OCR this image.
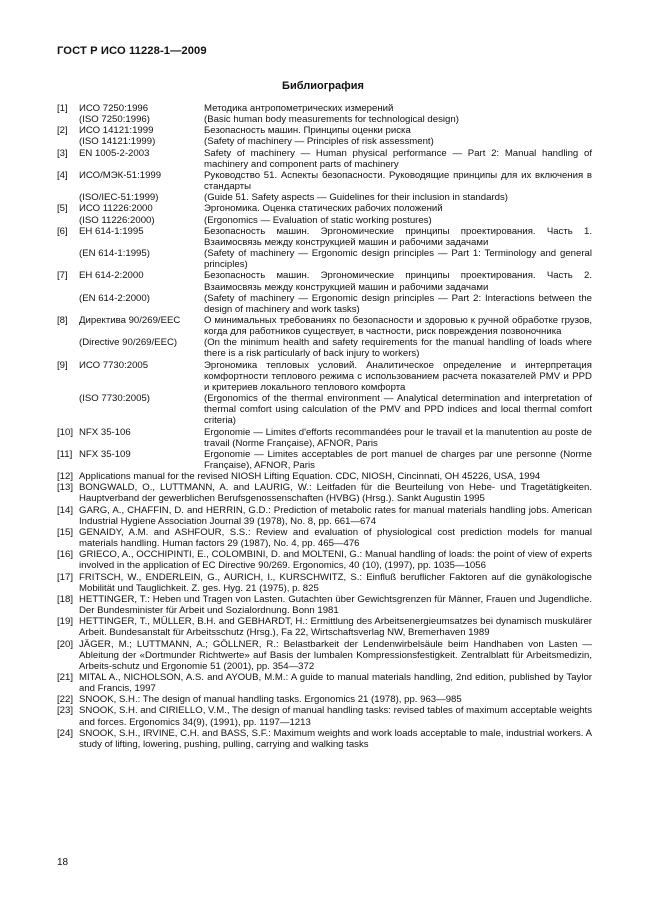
ГОСТ Р ИСО 11228-1—2009
Библиография
[1]	ИСО 7250:1996	Методика антропометрических измерений
(ISO 7250:1996)	(Basic human body measurements for technological design)
[2]	ИСО 14121:1999	Безопасность машин. Принципы оценки риска
(ISO 14121:1999)	(Safety of machinery — Principles of risk assessment)
[3]	EN 1005-2-2003	Safety of machinery — Human physical performance — Part 2: Manual handling of machinery and component parts of machinery
[4]	ИСО/МЭК-51:1999	Руководство 51. Аспекты безопасности. Руководящие принципы для их включения в стандарты
(ISO/IEC-51:1999)	(Guide 51. Safety aspects — Guidelines for their inclusion in standards)
[5]	ИСО 11226:2000	Эргономика. Оценка статических рабочих положений
(ISO 11226:2000)	(Ergonomics — Evaluation of static working postures)
[6]	ЕН 614-1:1995	Безопасность машин. Эргономические принципы проектирования. Часть 1. Взаимосвязь между конструкцией машин и рабочими задачами
(EN 614-1:1995)	(Safety of machinery — Ergonomic design principles — Part 1: Terminology and general principles)
[7]	ЕН 614-2:2000	Безопасность машин. Эргономические принципы проектирования. Часть 2. Взаимосвязь между конструкцией машин и рабочими задачами
(EN 614-2:2000)	(Safety of machinery — Ergonomic design principles — Part 2: Interactions between the design of machinery and work tasks)
[8]	Директива 90/269/ЕЕС	О минимальных требованиях по безопасности и здоровью к ручной обработке грузов, когда для работников существует, в частности, риск повреждения позвоночника
(Directive 90/269/EEC)	(On the minimum health and safety requirements for the manual handling of loads where there is a risk particularly of back injury to workers)
[9]	ИСО 7730:2005	Эргономика тепловых условий. Аналитическое определение и интерпретация комфортности теплового режима с использованием расчета показателей PMV и PPD и критериев локального теплового комфорта
(ISO 7730:2005)	(Ergonomics of the thermal environment — Analytical determination and interpretation of thermal comfort using calculation of the PMV and PPD indices and local thermal comfort criteria)
[10] NFX 35-106	Ergonomie — Limites d'efforts recommandées pour le travail et la manutention au poste de travail (Norme Française), AFNOR, Paris
[11] NFX 35-109	Ergonomie — Limites acceptables de port manuel de charges par une personne (Norme Française), AFNOR, Paris
[12] Applications manual for the revised NIOSH Lifting Equation. CDC, NIOSH, Cincinnati, OH 45226, USA, 1994
[13] BONGWALD, O., LUTTMANN, A. and LAURIG, W.: Leitfaden für die Beurteilung von Hebe- und Tragetätigkeiten. Hauptverband der gewerblichen Berufsgenossenschaften (HVBG) (Hrsg.). Sankt Augustin 1995
[14] GARG, A., CHAFFIN, D. and HERRIN, G.D.: Prediction of metabolic rates for manual materials handling jobs. American Industrial Hygiene Association Journal 39 (1978), No. 8, pp. 661—674
[15] GENAIDY, A.M. and ASHFOUR, S.S.: Review and evaluation of physiological cost prediction models for manual materials handling. Human factors 29 (1987), No. 4, pp. 465—476
[16] GRIECO, A., OCCHIPINTI, E., COLOMBINI, D. and MOLTENI, G.: Manual handling of loads: the point of view of experts involved in the application of EC Directive 90/269. Ergonomics, 40 (10), (1997), pp. 1035—1056
[17] FRITSCH, W., ENDERLEIN, G., AURICH, I., KURSCHWITZ, S.: Einfluß beruflicher Faktoren auf die gynäkologische Mobilität und Tauglichkeit. Z. ges. Hyg. 21 (1975), p. 825
[18] HETTINGER, T.: Heben und Tragen von Lasten. Gutachten über Gewichtsgrenzen für Männer, Frauen und Jugendliche. Der Bundesminister für Arbeit und Sozialordnung. Bonn 1981
[19] HETTINGER, T., MÜLLER, B.H. and GEBHARDT, H.: Ermittlung des Arbeitsenergieumsatzes bei dynamisch muskulärer Arbeit. Bundesanstalt für Arbeitsschutz (Hrsg.), Fa 22, Wirtschaftsverlag NW, Bremerhaven 1989
[20] JÄGER, M.; LUTTMANN, A.; GÖLLNER, R.: Belastbarkeit der Lendenwirbelsäule beim Handhaben von Lasten — Ableitung der «Dortmunder Richtwerte» auf Basis der lumbalen Kompressionsfestigkeit. Zentralblatt für Arbeitsmedizin, Arbeits-schutz und Ergonomie 51 (2001), pp. 354—372
[21] MITAL A., NICHOLSON, A.S. and AYOUB, M.M.: A guide to manual materials handling, 2nd edition, published by Taylor and Francis, 1997
[22] SNOOK, S.H.: The design of manual handling tasks. Ergonomics 21 (1978), pp. 963—985
[23] SNOOK, S.H. and CIRIELLO, V.M., The design of manual handling tasks: revised tables of maximum acceptable weights and forces. Ergonomics 34(9), (1991), pp. 1197—1213
[24] SNOOK, S.H., IRVINE, C.H. and BASS, S.F.: Maximum weights and work loads acceptable to male, industrial workers. A study of lifting, lowering, pushing, pulling, carrying and walking tasks
18
